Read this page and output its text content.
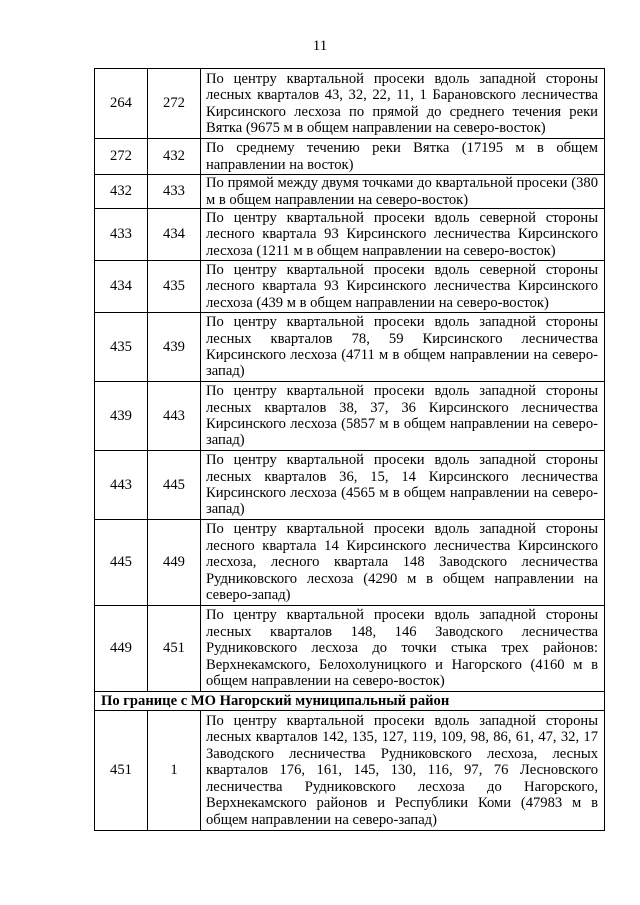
11
264	272	По центру квартальной просеки вдоль западной стороны лесных кварталов 43, 32, 22, 11, 1 Барановского лесничества Кирсинского лесхоза по прямой до среднего течения реки Вятка (9675 м в общем направлении на северо-восток)
272	432	По среднему течению реки Вятка (17195 м в общем направлении на восток)
432	433	По прямой между двумя точками до квартальной просеки (380 м в общем направлении на северо-восток)
433	434	По центру квартальной просеки вдоль северной стороны лесного квартала 93 Кирсинского лесничества Кирсинского лесхоза (1211 м в общем направлении на северо-восток)
434	435	По центру квартальной просеки вдоль северной стороны лесного квартала 93 Кирсинского лесничества Кирсинского лесхоза (439 м в общем направлении на северо-восток)
435	439	По центру квартальной просеки вдоль западной стороны лесных кварталов 78, 59 Кирсинского лесничества Кирсинского лесхоза (4711 м в общем направлении на северо-запад)
439	443	По центру квартальной просеки вдоль западной стороны лесных кварталов 38, 37, 36 Кирсинского лесничества Кирсинского лесхоза (5857 м в общем направлении на северо-запад)
443	445	По центру квартальной просеки вдоль западной стороны лесных кварталов 36, 15, 14 Кирсинского лесничества Кирсинского лесхоза (4565 м в общем направлении на северо-запад)
445	449	По центру квартальной просеки вдоль западной стороны лесного квартала 14 Кирсинского лесничества Кирсинского лесхоза, лесного квартала 148 Заводского лесничества Рудниковского лесхоза (4290 м в общем направлении на северо-запад)
449	451	По центру квартальной просеки вдоль западной стороны лесных кварталов 148, 146 Заводского лесничества Рудниковского лесхоза до точки стыка трех районов: Верхнекамского, Белохолуницкого и Нагорского (4160 м в общем направлении на северо-восток)
По границе с МО Нагорский муниципальный район		
451	1	По центру квартальной просеки вдоль западной стороны лесных кварталов 142, 135, 127, 119, 109, 98, 86, 61, 47, 32, 17 Заводского лесничества Рудниковского лесхоза, лесных кварталов 176, 161, 145, 130, 116, 97, 76 Лесновского лесничества Рудниковского лесхоза до Нагорского, Верхнекамского районов и Республики Коми (47983 м в общем направлении на северо-запад)
